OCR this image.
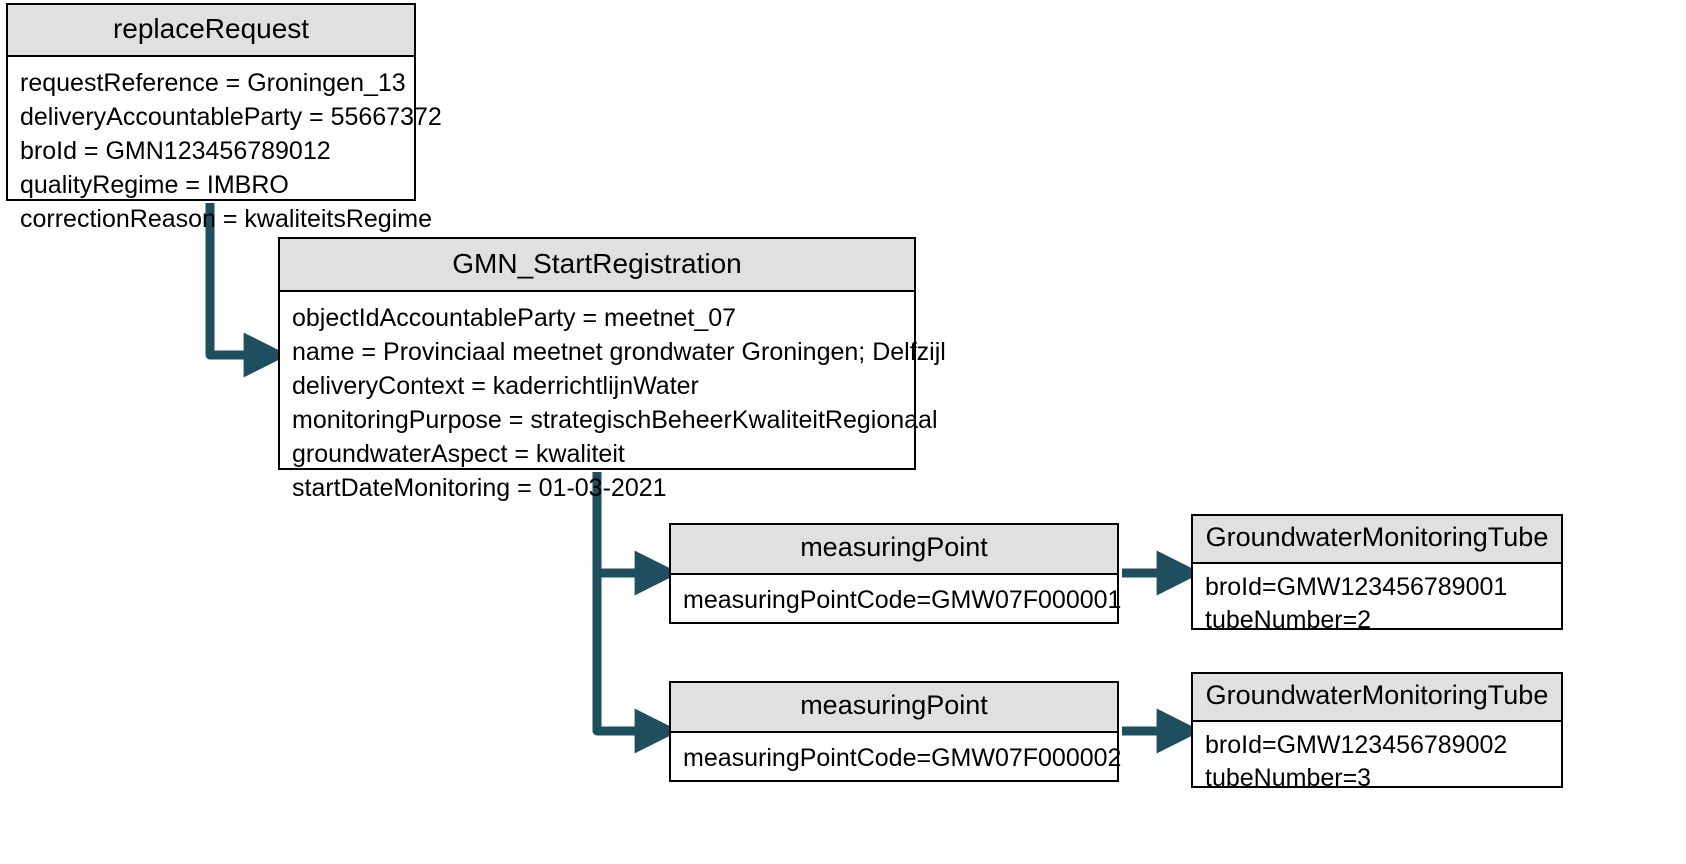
replaceRequest
requestReference = Groningen_13
deliveryAccountableParty = 55667372
broId = GMN123456789012
qualityRegime = IMBRO
correctionReason = kwaliteitsRegime
GMN_StartRegistration
objectIdAccountableParty = meetnet_07
name = Provinciaal meetnet grondwater Groningen; Delfzijl
deliveryContext = kaderrichtlijnWater
monitoringPurpose = strategischBeheerKwaliteitRegionaal
groundwaterAspect = kwaliteit
startDateMonitoring = 01-03-2021
measuringPoint
measuringPointCode=GMW07F000001
measuringPoint
measuringPointCode=GMW07F000002
GroundwaterMonitoringTube
broId=GMW123456789001
tubeNumber=2
GroundwaterMonitoringTube
broId=GMW123456789002
tubeNumber=3
